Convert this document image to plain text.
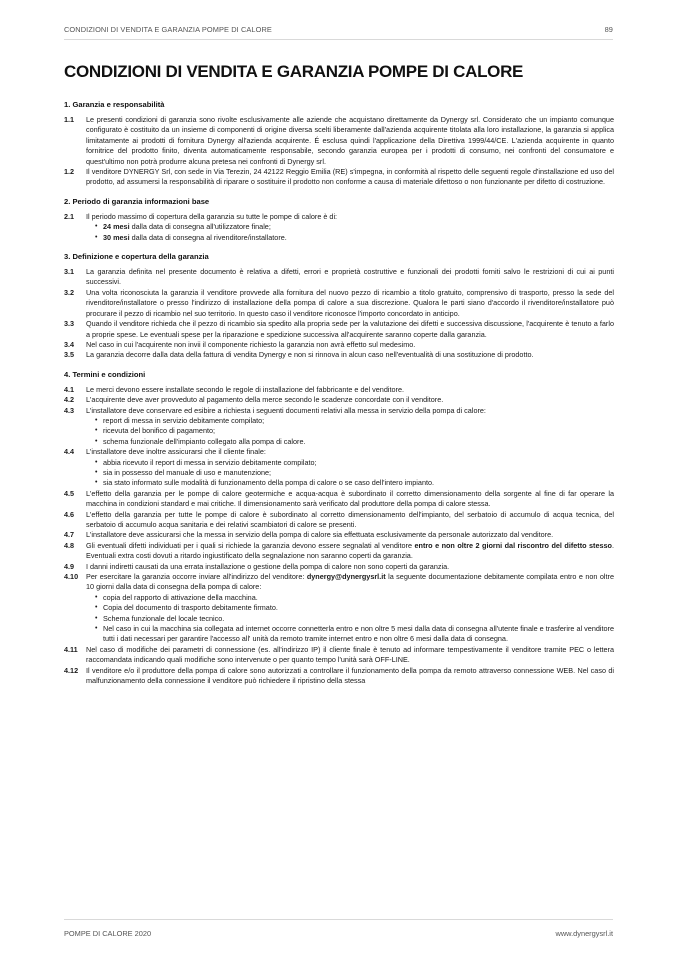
CONDIZIONI DI VENDITA E GARANZIA POMPE DI CALORE	89
CONDIZIONI DI VENDITA E GARANZIA POMPE DI CALORE
1. Garanzia e responsabilità
1.1	Le presenti condizioni di garanzia sono rivolte esclusivamente alle aziende che acquistano direttamente da Dynergy srl. Considerato che un impianto comunque configurato è costituito da un insieme di componenti di origine diversa scelti liberamente dall'azienda acquirente titolata alla loro installazione, la garanzia si applica limitatamente ai prodotti di fornitura Dynergy all'azienda acquirente. É esclusa quindi l'applicazione della Direttiva 1999/44/CE. L'azienda acquirente in quanto fornitrice del prodotto finito, diventa automaticamente responsabile, secondo garanzia europea per i prodotti di consumo, nei confronti del consumatore e quest'ultimo non potrà produrre alcuna pretesa nei confronti di Dynergy srl.
1.2	Il venditore DYNERGY Srl, con sede in Via Terezin, 24 42122 Reggio Emilia (RE) s'impegna, in conformità al rispetto delle seguenti regole d'installazione ed uso del prodotto, ad assumersi la responsabilità di riparare o sostituire il prodotto non conforme a causa di materiale difettoso o non funzionante per difetto di costruzione.
2. Periodo di garanzia informazioni base
2.1	Il periodo massimo di copertura della garanzia su tutte le pompe di calore è di:
• 24 mesi dalla data di consegna all'utilizzatore finale;
• 30 mesi dalla data di consegna al rivenditore/installatore.
3. Definizione e copertura della garanzia
3.1	La garanzia definita nel presente documento è relativa a difetti, errori e proprietà costruttive e funzionali dei prodotti forniti salvo le restrizioni di cui ai punti successivi.
3.2	Una volta riconosciuta la garanzia il venditore provvede alla fornitura del nuovo pezzo di ricambio a titolo gratuito, comprensivo di trasporto, presso la sede del rivenditore/installatore o presso l'indirizzo di installazione della pompa di calore a sua discrezione. Qualora le parti siano d'accordo il rivenditore/installatore può procurare il pezzo di ricambio nel suo territorio. In questo caso il venditore riconosce l'importo concordato in anticipo.
3.3	Quando il venditore richieda che il pezzo di ricambio sia spedito alla propria sede per la valutazione dei difetti e successiva discussione, l'acquirente è tenuto a farlo a proprie spese. Le eventuali spese per la riparazione e spedizione successiva all'acquirente saranno coperte dalla garanzia.
3.4	Nel caso in cui l'acquirente non invii il componente richiesto la garanzia non avrà effetto sul medesimo.
3.5	La garanzia decorre dalla data della fattura di vendita Dynergy e non si rinnova in alcun caso nell'eventualità di una sostituzione di prodotto.
4. Termini e condizioni
4.1	Le merci devono essere installate secondo le regole di installazione del fabbricante e del venditore.
4.2	L'acquirente deve aver provveduto al pagamento della merce secondo le scadenze concordate con il venditore.
4.3	L'installatore deve conservare ed esibire a richiesta i seguenti documenti relativi alla messa in servizio della pompa di calore:
• report di messa in servizio debitamente compilato;
• ricevuta del bonifico di pagamento;
• schema funzionale dell'impianto collegato alla pompa di calore.
4.4	L'installatore deve inoltre assicurarsi che il cliente finale:
• abbia ricevuto il report di messa in servizio debitamente compilato;
• sia in possesso del manuale di uso e manutenzione;
• sia stato informato sulle modalità di funzionamento della pompa di calore o se caso dell'intero impianto.
4.5	L'effetto della garanzia per le pompe di calore geotermiche e acqua-acqua è subordinato il corretto dimensionamento della sorgente al fine di far operare la macchina in condizioni standard e mai critiche. Il dimensionamento sarà verificato dal produttore della pompa di calore stessa.
4.6	L'effetto della garanzia per tutte le pompe di calore è subordinato al corretto dimensionamento dell'impianto, del serbatoio di accumulo di acqua tecnica, del serbatoio di accumulo acqua sanitaria e dei relativi scambiatori di calore se presenti.
4.7	L'installatore deve assicurarsi che la messa in servizio della pompa di calore sia effettuata esclusivamente da personale autorizzato dal venditore.
4.8	Gli eventuali difetti individuati per i quali si richiede la garanzia devono essere segnalati al venditore entro e non oltre 2 giorni dal riscontro del difetto stesso. Eventuali extra costi dovuti a ritardo ingiustificato della segnalazione non saranno coperti da garanzia.
4.9	I danni indiretti causati da una errata installazione o gestione della pompa di calore non sono coperti da garanzia.
4.10	Per esercitare la garanzia occorre inviare all'indirizzo del venditore: dynergy@dynergysrl.it la seguente documentazione debitamente compilata entro e non oltre 10 giorni dalla data di consegna della pompa di calore:
• copia del rapporto di attivazione della macchina.
• Copia del documento di trasporto debitamente firmato.
• Schema funzionale del locale tecnico.
• Nel caso in cui la macchina sia collegata ad internet occorre connetterla entro e non oltre 5 mesi dalla data di consegna all'utente finale e trasferire al venditore tutti i dati necessari per garantire l'accesso all' unità da remoto tramite internet entro e non oltre 6 mesi dalla data di consegna.
4.11	Nel caso di modifiche dei parametri di connessione (es. all'indirizzo IP) il cliente finale è tenuto ad informare tempestivamente il venditore tramite PEC o lettera raccomandata indicando quali modifiche sono intervenute o per quanto tempo l'unità sarà OFF-LINE.
4.12	Il venditore e/o il produttore della pompa di calore sono autorizzati a controllare il funzionamento della pompa da remoto attraverso connessione WEB. Nel caso di malfunzionamento della connessione il venditore può richiedere il ripristino della stessa
POMPE DI CALORE 2020	www.dynergysrl.it
